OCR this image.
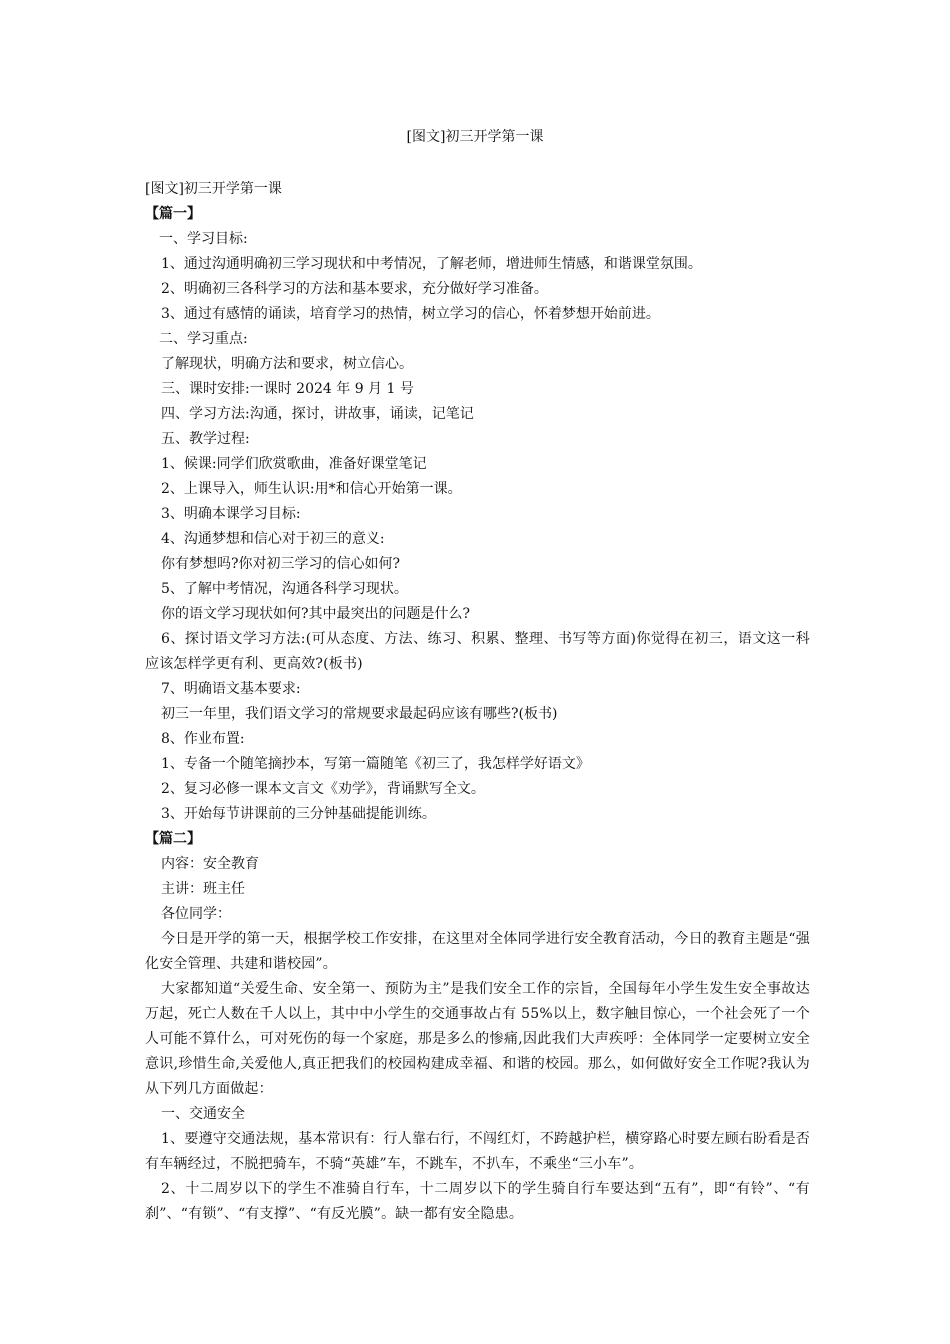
[图文]初三开学第一课
[图文]初三开学第一课
【篇一】
一、学习目标:
1、通过沟通明确初三学习现状和中考情况，了解老师，增进师生情感，和谐课堂氛围。
2、明确初三各科学习的方法和基本要求，充分做好学习准备。
3、通过有感情的诵读，培育学习的热情，树立学习的信心，怀着梦想开始前进。
二、学习重点:
了解现状，明确方法和要求，树立信心。
三、课时安排:一课时 2024 年 9 月 1 号
四、学习方法:沟通，探讨，讲故事，诵读，记笔记
五、教学过程:
1、候课:同学们欣赏歌曲，准备好课堂笔记
2、上课导入，师生认识:用*和信心开始第一课。
3、明确本课学习目标:
4、沟通梦想和信心对于初三的意义:
你有梦想吗?你对初三学习的信心如何?
5、了解中考情况，沟通各科学习现状。
你的语文学习现状如何?其中最突出的问题是什么?

6、探讨语文学习方法:(可从态度、方法、练习、积累、整理、书写等方面)你觉得在初三，语文这一科应该怎样学更有利、更高效?(板书)

7、明确语文基本要求:
初三一年里，我们语文学习的常规要求最起码应该有哪些?(板书)
8、作业布置:
1、专备一个随笔摘抄本，写第一篇随笔《初三了，我怎样学好语文》
2、复习必修一课本文言文《劝学》，背诵默写全文。
3、开始每节讲课前的三分钟基础提能训练。
【篇二】
内容：安全教育
主讲：班主任
各位同学：

今日是开学的第一天，根据学校工作安排，在这里对全体同学进行安全教育活动，今日的教育主题是“强化安全管理、共建和谐校园”。

大家都知道“关爱生命、安全第一、预防为主”是我们安全工作的宗旨，全国每年小学生发生安全事故达万起，死亡人数在千人以上，其中中小学生的交通事故占有 55%以上，数字触目惊心，一个社会死了一个人可能不算什么，可对死伤的每一个家庭，那是多么的惨痛,因此我们大声疾呼：全体同学一定要树立安全意识,珍惜生命,关爱他人,真正把我们的校园构建成幸福、和谐的校园。那么，如何做好安全工作呢?我认为从下列几方面做起：

一、交通安全

1、要遵守交通法规，基本常识有：行人靠右行，不闯红灯，不跨越护栏，横穿路心时要左顾右盼看是否有车辆经过，不脱把骑车，不骑“英雄”车，不跳车，不扒车，不乘坐“三小车”。

2、十二周岁以下的学生不准骑自行车，十二周岁以下的学生骑自行车要达到“五有”，即“有铃”、“有刹”、“有锁”、“有支撑”、“有反光膜”。缺一都有安全隐患。
